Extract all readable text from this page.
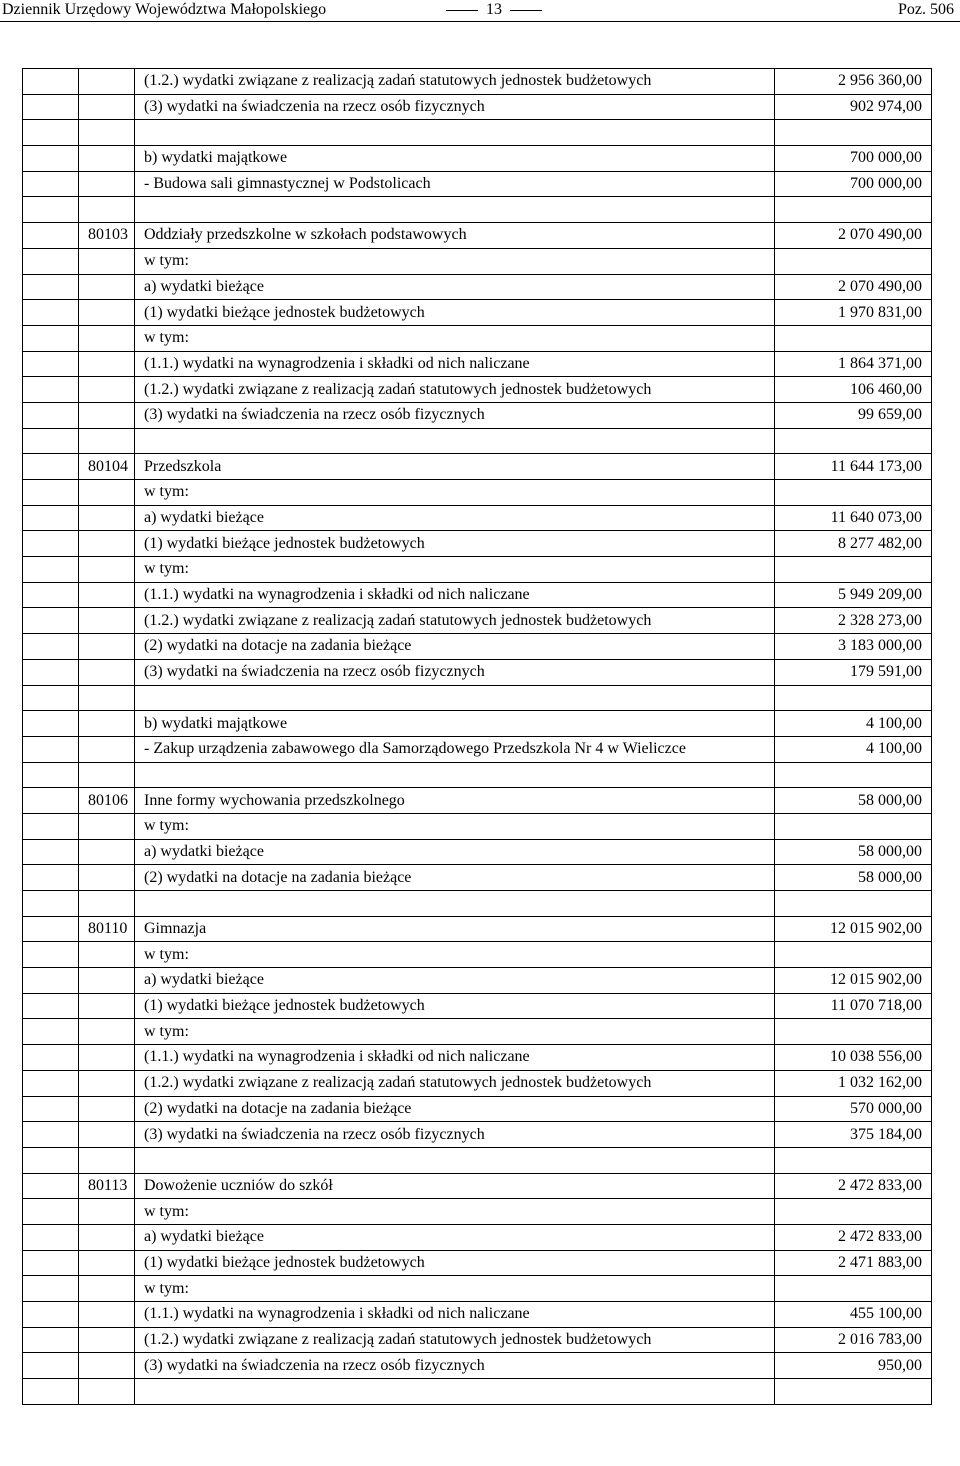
Dziennik Urzędowy Województwa Małopolskiego	13	Poz. 506
		(1.2.) wydatki związane z realizacją zadań statutowych jednostek budżetowych	2 956 360,00
		(3) wydatki na świadczenia na rzecz osób fizycznych	902 974,00

		b) wydatki majątkowe	700 000,00
		- Budowa sali gimnastycznej w Podstolicach	700 000,00

	80103	Oddziały przedszkolne w szkołach podstawowych	2 070 490,00
		w tym:	
		a) wydatki bieżące	2 070 490,00
		(1) wydatki bieżące jednostek budżetowych	1 970 831,00
		w tym:	
		(1.1.) wydatki na wynagrodzenia i składki od nich naliczane	1 864 371,00
		(1.2.) wydatki związane z realizacją zadań statutowych jednostek budżetowych	106 460,00
		(3) wydatki na świadczenia na rzecz osób fizycznych	99 659,00

	80104	Przedszkola	11 644 173,00
		w tym:	
		a) wydatki bieżące	11 640 073,00
		(1) wydatki bieżące jednostek budżetowych	8 277 482,00
		w tym:	
		(1.1.) wydatki na wynagrodzenia i składki od nich naliczane	5 949 209,00
		(1.2.) wydatki związane z realizacją zadań statutowych jednostek budżetowych	2 328 273,00
		(2) wydatki na dotacje na zadania bieżące	3 183 000,00
		(3) wydatki na świadczenia na rzecz osób fizycznych	179 591,00

		b) wydatki majątkowe	4 100,00
		- Zakup urządzenia zabawowego dla Samorządowego Przedszkola Nr 4 w Wieliczce	4 100,00

	80106	Inne formy wychowania przedszkolnego	58 000,00
		w tym:	
		a) wydatki bieżące	58 000,00
		(2) wydatki na dotacje na zadania bieżące	58 000,00

	80110	Gimnazja	12 015 902,00
		w tym:	
		a) wydatki bieżące	12 015 902,00
		(1) wydatki bieżące jednostek budżetowych	11 070 718,00
		w tym:	
		(1.1.) wydatki na wynagrodzenia i składki od nich naliczane	10 038 556,00
		(1.2.) wydatki związane z realizacją zadań statutowych jednostek budżetowych	1 032 162,00
		(2) wydatki na dotacje na zadania bieżące	570 000,00
		(3) wydatki na świadczenia na rzecz osób fizycznych	375 184,00

	80113	Dowożenie uczniów do szkół	2 472 833,00
		w tym:	
		a) wydatki bieżące	2 472 833,00
		(1) wydatki bieżące jednostek budżetowych	2 471 883,00
		w tym:	
		(1.1.) wydatki na wynagrodzenia i składki od nich naliczane	455 100,00
		(1.2.) wydatki związane z realizacją zadań statutowych jednostek budżetowych	2 016 783,00
		(3) wydatki na świadczenia na rzecz osób fizycznych	950,00
